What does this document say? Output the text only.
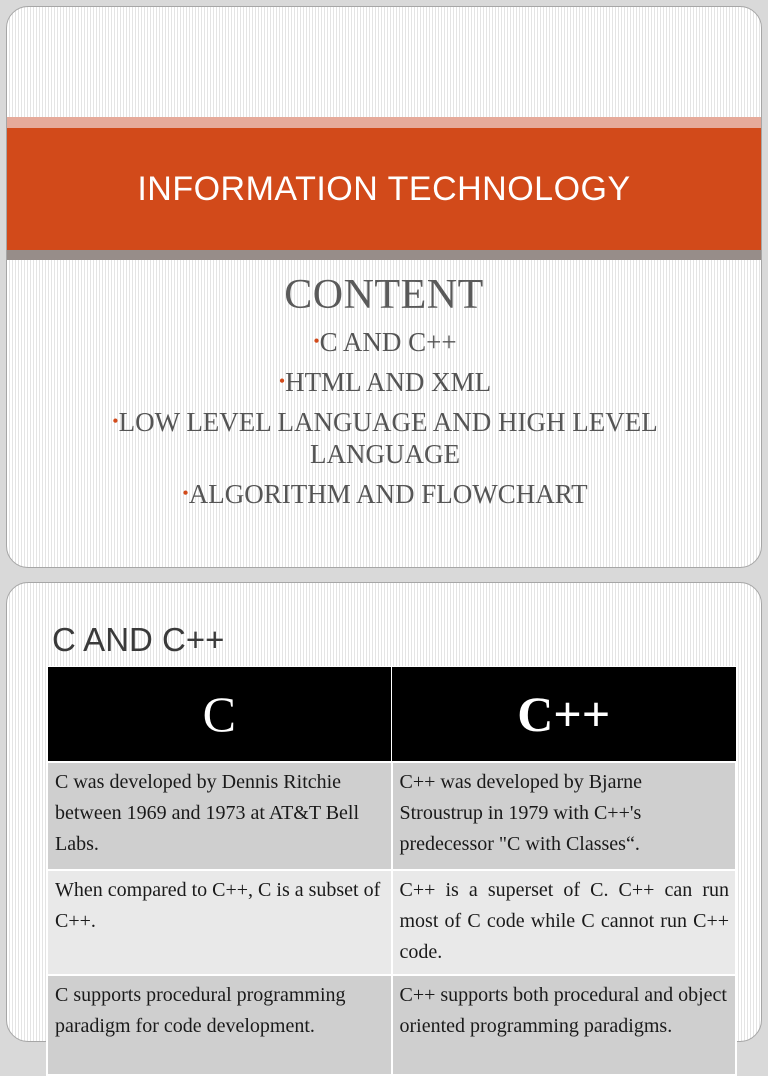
INFORMATION TECHNOLOGY
CONTENT
•C AND C++
•HTML AND XML
•LOW LEVEL LANGUAGE AND HIGH LEVEL LANGUAGE
•ALGORITHM AND FLOWCHART
C AND C++
C	C++
C was developed by Dennis Ritchie between 1969 and 1973 at AT&T Bell Labs.	C++ was developed by Bjarne Stroustrup in 1979 with C++'s predecessor "C with Classes“.
When compared to C++, C is a subset of C++.	C++ is a superset of C. C++ can run most of C code while C cannot run C++ code.
C supports procedural programming paradigm for code development.	C++ supports both procedural and object oriented programming paradigms.
